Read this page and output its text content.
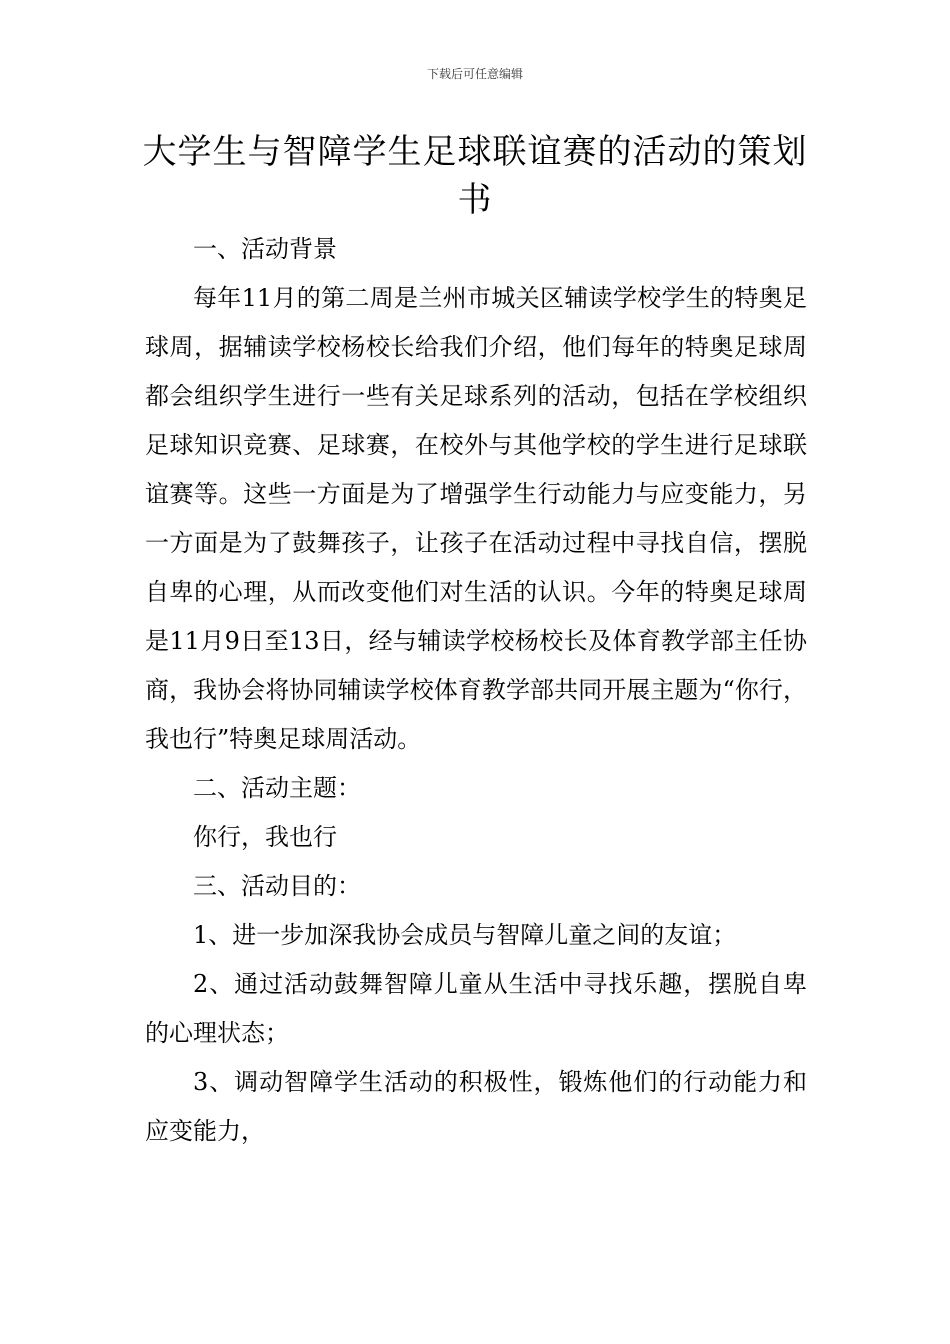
下载后可任意编辑
大学生与智障学生足球联谊赛的活动的策划书

一、活动背景

每年11月的第二周是兰州市城关区辅读学校学生的特奥足球周，据辅读学校杨校长给我们介绍，他们每年的特奥足球周都会组织学生进行一些有关足球系列的活动，包括在学校组织足球知识竞赛、足球赛，在校外与其他学校的学生进行足球联谊赛等。这些一方面是为了增强学生行动能力与应变能力，另一方面是为了鼓舞孩子，让孩子在活动过程中寻找自信，摆脱自卑的心理，从而改变他们对生活的认识。今年的特奥足球周是11月9日至13日，经与辅读学校杨校长及体育教学部主任协商，我协会将协同辅读学校体育教学部共同开展主题为“你行，我也行”特奥足球周活动。

二、活动主题：

你行，我也行

三、活动目的：

1、进一步加深我协会成员与智障儿童之间的友谊；

2、通过活动鼓舞智障儿童从生活中寻找乐趣，摆脱自卑的心理状态；

3、调动智障学生活动的积极性，锻炼他们的行动能力和应变能力，
